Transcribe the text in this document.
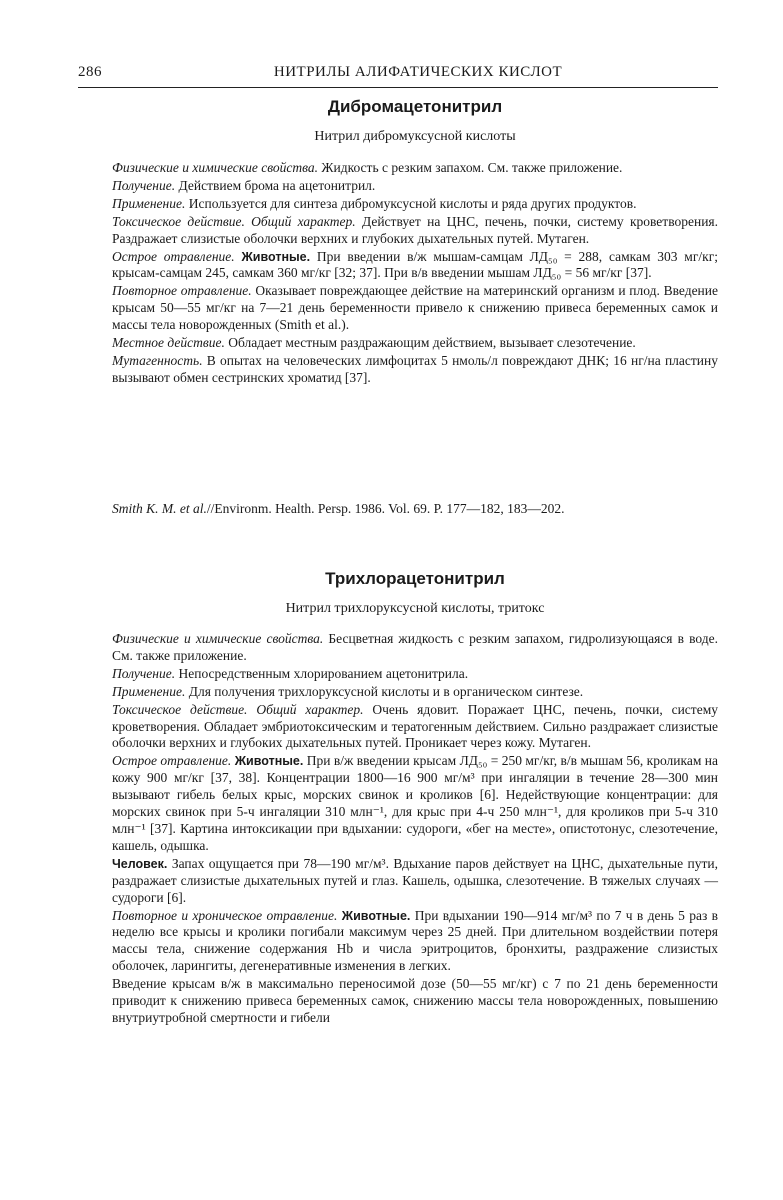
286	НИТРИЛЫ АЛИФАТИЧЕСКИХ КИСЛОТ
Дибромацетонитрил
Нитрил дибромуксусной кислоты

Физические и химические свойства. Жидкость с резким запахом. См. также приложение.

Получение. Действием брома на ацетонитрил.

Применение. Используется для синтеза дибромуксусной кислоты и ряда других продуктов.

Токсическое действие. Общий характер. Действует на ЦНС, печень, почки, систему кроветворения. Раздражает слизистые оболочки верхних и глубоких дыхательных путей. Мутаген.

Острое отравление. Животные. При введении в/ж мышам-самцам ЛД₅₀ = 288, самкам 303 мг/кг; крысам-самцам 245, самкам 360 мг/кг [32; 37]. При в/в введении мышам ЛД₅₀ = 56 мг/кг [37].

Повторное отравление. Оказывает повреждающее действие на материнский организм и плод. Введение крысам 50—55 мг/кг на 7—21 день беременности привело к снижению привеса беременных самок и массы тела новорожденных (Smith et al.).

Местное действие. Обладает местным раздражающим действием, вызывает слезотечение.

Мутагенность. В опытах на человеческих лимфоцитах 5 нмоль/л повреждают ДНК; 16 нг/на пластину вызывают обмен сестринских хроматид [37].

Smith K. M. et al.//Environm. Health. Persp. 1986. Vol. 69. P. 177—182, 183—202.
Трихлорацетонитрил
Нитрил трихлоруксусной кислоты, тритокс

Физические и химические свойства. Бесцветная жидкость с резким запахом, гидролизующаяся в воде. См. также приложение.

Получение. Непосредственным хлорированием ацетонитрила.

Применение. Для получения трихлоруксусной кислоты и в органическом синтезе.

Токсическое действие. Общий характер. Очень ядовит. Поражает ЦНС, печень, почки, систему кроветворения. Обладает эмбриотоксическим и тератогенным действием. Сильно раздражает слизистые оболочки верхних и глубоких дыхательных путей. Проникает через кожу. Мутаген.

Острое отравление. Животные. При в/ж введении крысам ЛД₅₀ = 250 мг/кг, в/в мышам 56, кроликам на кожу 900 мг/кг [37, 38]. Концентрации 1800—16 900 мг/м³ при ингаляции в течение 28—300 мин вызывают гибель белых крыс, морских свинок и кроликов [6]. Недействующие концентрации: для морских свинок при 5-ч ингаляции 310 млн⁻¹, для крыс при 4-ч 250 млн⁻¹, для кроликов при 5-ч 310 млн⁻¹ [37]. Картина интоксикации при вдыхании: судороги, «бег на месте», опистотонус, слезотечение, кашель, одышка.

Человек. Запах ощущается при 78—190 мг/м³. Вдыхание паров действует на ЦНС, дыхательные пути, раздражает слизистые дыхательных путей и глаз. Кашель, одышка, слезотечение. В тяжелых случаях — судороги [6].

Повторное и хроническое отравление. Животные. При вдыхании 190—914 мг/м³ по 7 ч в день 5 раз в неделю все крысы и кролики погибали максимум через 25 дней. При длительном воздействии потеря массы тела, снижение содержания Hb и числа эритроцитов, бронхиты, раздражение слизистых оболочек, ларингиты, дегенеративные изменения в легких.

Введение крысам в/ж в максимально переносимой дозе (50—55 мг/кг) с 7 по 21 день беременности приводит к снижению привеса беременных самок, снижению массы тела новорожденных, повышению внутриутробной смертности и гибели
